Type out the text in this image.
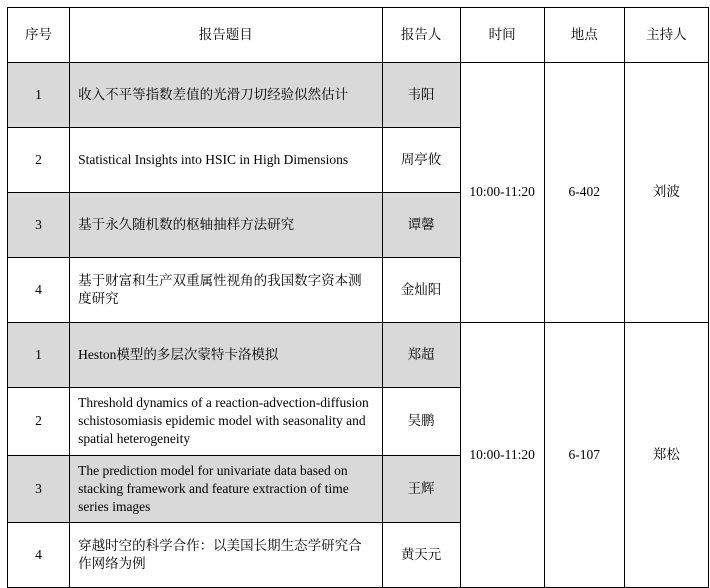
序号	报告题目	报告人	时间	地点	主持人
1	收入不平等指数差值的光滑刀切经验似然估计	韦阳	10:00-11:20	6-402	刘波
2	Statistical Insights into HSIC in High Dimensions	周亭攸			
3	基于永久随机数的枢轴抽样方法研究	谭馨			
4	基于财富和生产双重属性视角的我国数字资本测度研究	金灿阳			
1	Heston模型的多层次蒙特卡洛模拟	郑超	10:00-11:20	6-107	郑松
2	Threshold dynamics of a reaction-advection-diffusion schistosomiasis epidemic model with seasonality and spatial heterogeneity	吴鹏			
3	The prediction model for univariate data based on stacking framework and feature extraction of time series images	王辉			
4	穿越时空的科学合作：以美国长期生态学研究合作网络为例	黄天元			
